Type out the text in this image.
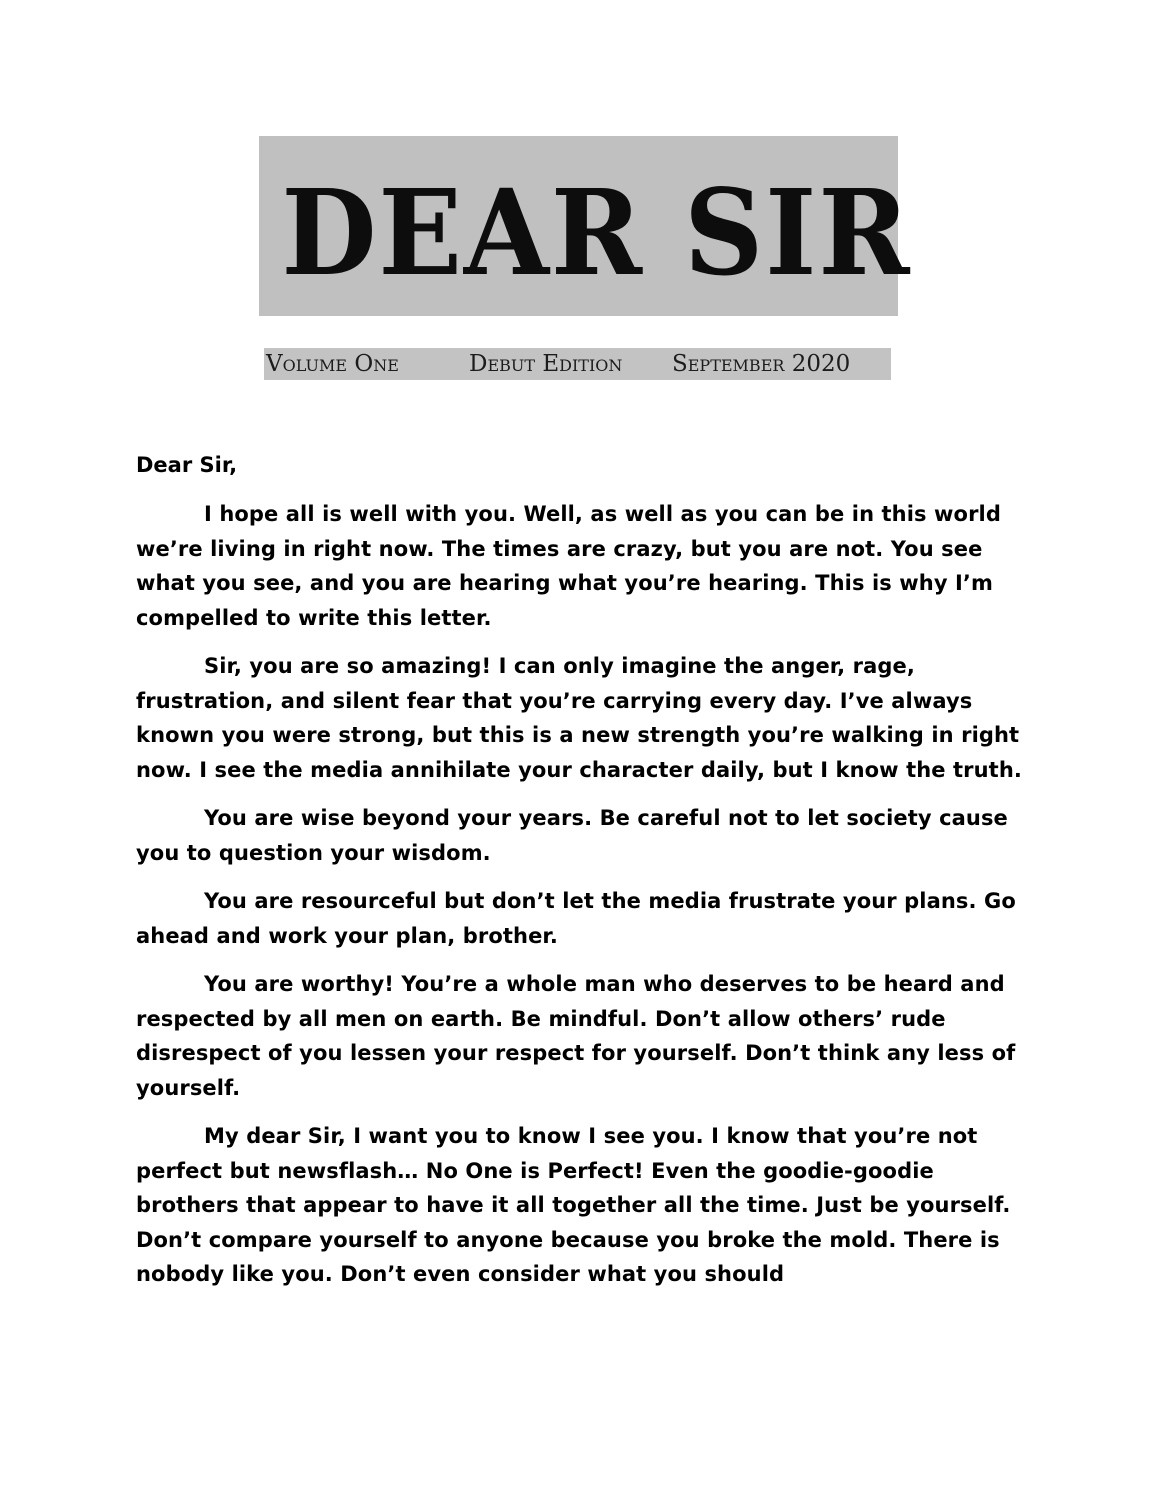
DEAR SIR
Volume One	Debut Edition September 2020

Dear Sir,

I hope all is well with you. Well, as well as you can be in this world we’re living in right now. The times are crazy, but you are not. You see what you see, and you are hearing what you’re hearing. This is why I’m compelled to write this letter.

Sir, you are so amazing! I can only imagine the anger, rage, frustration, and silent fear that you’re carrying every day. I’ve always known you were strong, but this is a new strength you’re walking in right now. I see the media annihilate your character daily, but I know the truth.

You are wise beyond your years. Be careful not to let society cause you to question your wisdom.

You are resourceful but don’t let the media frustrate your plans. Go ahead and work your plan, brother.

You are worthy! You’re a whole man who deserves to be heard and respected by all men on earth. Be mindful. Don’t allow others’ rude disrespect of you lessen your respect for yourself. Don’t think any less of yourself.

My dear Sir, I want you to know I see you. I know that you’re not perfect but newsflash… No One is Perfect! Even the goodie-goodie brothers that appear to have it all together all the time. Just be yourself. Don’t compare yourself to anyone because you broke the mold. There is nobody like you. Don’t even consider what you should
